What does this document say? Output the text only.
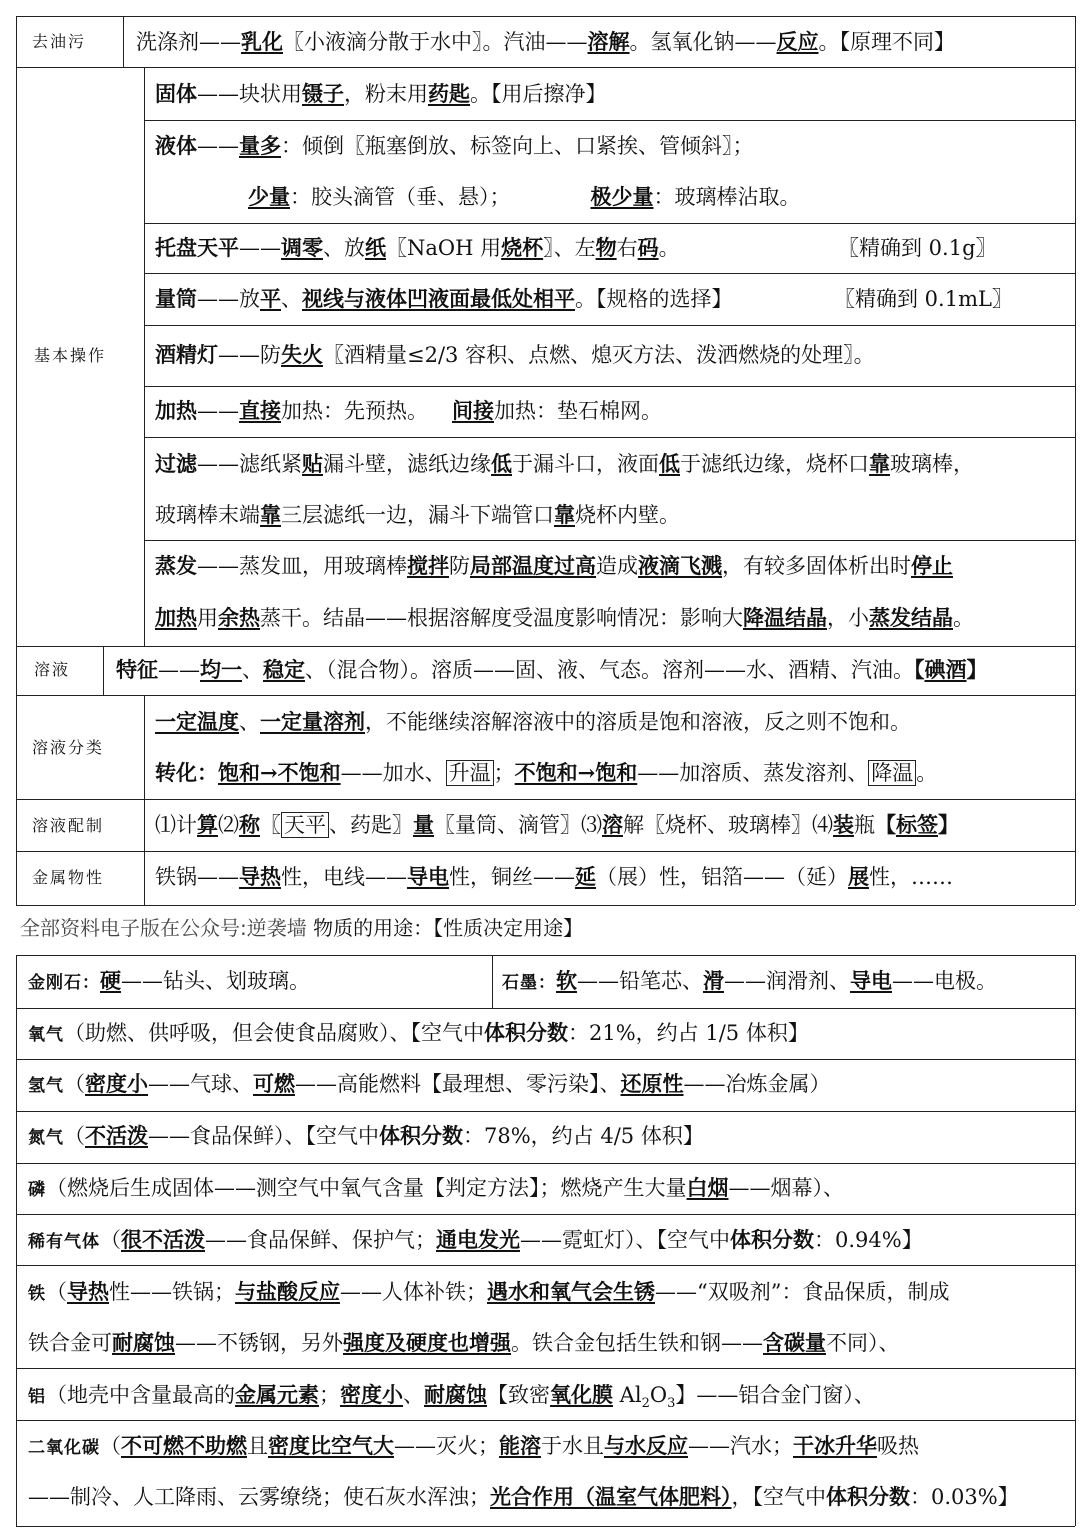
去油污 洗涤剂——乳化〖小液滴分散于水中〗。汽油——溶解。氢氧化钠——反应。【原理不同】
基本操作
固体——块状用镊子，粉末用药匙。【用后擦净】
液体——量多：倾倒〖瓶塞倒放、标签向上、口紧挨、管倾斜〗；
少量：胶头滴管（垂、悬）；	极少量：玻璃棒沾取。
托盘天平——调零、放纸〖NaOH 用烧杯〗、左物右码。	〖精确到 0.1g〗
量筒——放平、视线与液体凹液面最低处相平。【规格的选择】	〖精确到 0.1mL〗
酒精灯——防失火〖酒精量≤2/3 容积、点燃、熄灭方法、泼洒燃烧的处理〗。
加热——直接加热：先预热。 间接加热：垫石棉网。
过滤——滤纸紧贴漏斗壁，滤纸边缘低于漏斗口，液面低于滤纸边缘，烧杯口靠玻璃棒，
玻璃棒末端靠三层滤纸一边，漏斗下端管口靠烧杯内壁。
蒸发——蒸发皿，用玻璃棒搅拌防局部温度过高造成液滴飞溅，有较多固体析出时停止
加热用余热蒸干。结晶——根据溶解度受温度影响情况：影响大降温结晶，小蒸发结晶。
溶液 特征——均一、稳定、（混合物）。溶质——固、液、气态。溶剂——水、酒精、汽油。【碘酒】
溶液分类
一定温度、一定量溶剂，不能继续溶解溶液中的溶质是饱和溶液，反之则不饱和。
转化：饱和→不饱和——加水、 升温 ；不饱和→饱和——加溶质、蒸发溶剂、 降温 。
溶液配制 ⑴计算⑵称〖 天平 、药匙〗量〖量筒、滴管〗⑶溶解〖烧杯、玻璃棒〗⑷装瓶【标签】
金属物性 铁锅——导热性，电线——导电性，铜丝——延（展）性，铝箔——（延）展性，……
全部资料电子版在公众号:逆袭墙 物质的用途：【性质决定用途】
金刚石：硬——钻头、划玻璃。	石墨：软——铅笔芯、滑——润滑剂、导电——电极。
氧气（助燃、供呼吸，但会使食品腐败）、【空气中体积分数：21%，约占 1/5 体积】
氢气（密度小——气球、可燃——高能燃料【最理想、零污染】、还原性——冶炼金属）
氮气（不活泼——食品保鲜）、【空气中体积分数：78%，约占 4/5 体积】
磷（燃烧后生成固体——测空气中氧气含量【判定方法】；燃烧产生大量白烟——烟幕）、
稀有气体（很不活泼——食品保鲜、保护气；通电发光——霓虹灯）、【空气中体积分数：0.94%】
铁（导热性——铁锅；与盐酸反应——人体补铁；遇水和氧气会生锈——“双吸剂”：食品保质，制成
铁合金可耐腐蚀——不锈钢，另外强度及硬度也增强。铁合金包括生铁和钢——含碳量不同）、
铝（地壳中含量最高的金属元素；密度小、耐腐蚀【致密氧化膜 $Al_2O_3$】——铝合金门窗）、
二氧化碳（不可燃不助燃且密度比空气大——灭火；能溶于水且与水反应——汽水；干冰升华吸热
——制冷、人工降雨、云雾缭绕；使石灰水浑浊；光合作用（温室气体肥料），【空气中体积分数：0.03%】
